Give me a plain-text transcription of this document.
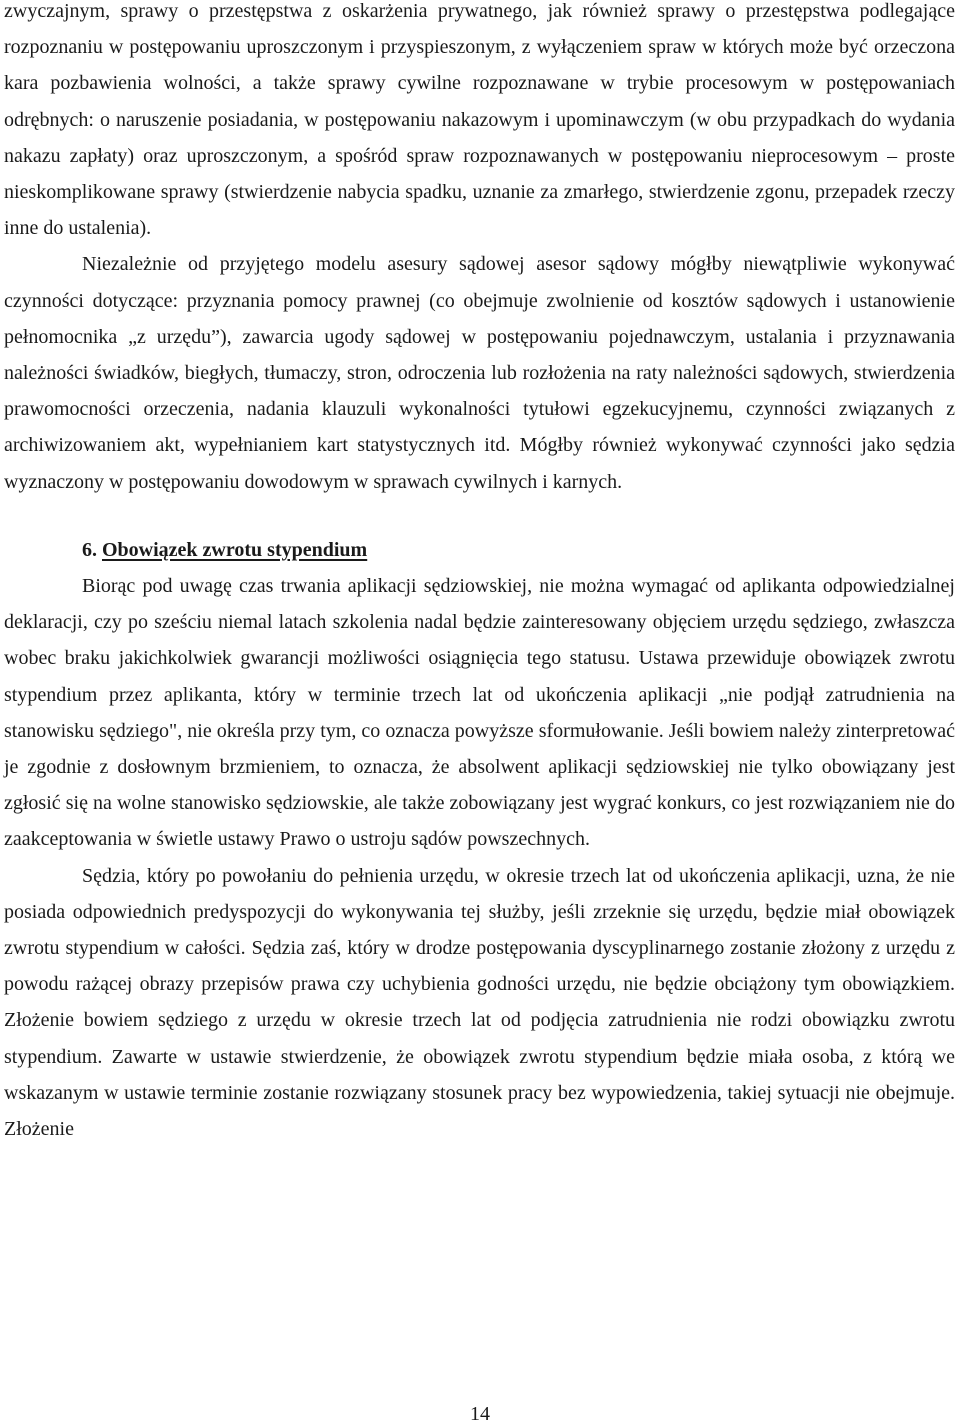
zwyczajnym, sprawy o przestępstwa z oskarżenia prywatnego, jak również sprawy o przestępstwa podlegające rozpoznaniu w postępowaniu uproszczonym i przyspieszonym, z wyłączeniem spraw w których może być orzeczona kara pozbawienia wolności, a także sprawy cywilne rozpoznawane w trybie procesowym w postępowaniach odrębnych: o naruszenie posiadania, w postępowaniu nakazowym i upominawczym (w obu przypadkach do wydania nakazu zapłaty) oraz uproszczonym, a spośród spraw rozpoznawanych w postępowaniu nieprocesowym – proste nieskomplikowane sprawy (stwierdzenie nabycia spadku, uznanie za zmarłego, stwierdzenie zgonu, przepadek rzeczy inne do ustalenia).

Niezależnie od przyjętego modelu asesury sądowej asesor sądowy mógłby niewątpliwie wykonywać czynności dotyczące: przyznania pomocy prawnej (co obejmuje zwolnienie od kosztów sądowych i ustanowienie pełnomocnika „z urzędu”), zawarcia ugody sądowej w postępowaniu pojednawczym, ustalania i przyznawania należności świadków, biegłych, tłumaczy, stron, odroczenia lub rozłożenia na raty należności sądowych, stwierdzenia prawomocności orzeczenia, nadania klauzuli wykonalności tytułowi egzekucyjnemu, czynności związanych z archiwizowaniem akt, wypełnianiem kart statystycznych itd. Mógłby również wykonywać czynności jako sędzia wyznaczony w postępowaniu dowodowym w sprawach cywilnych i karnych.

6. Obowiązek zwrotu stypendium

Biorąc pod uwagę czas trwania aplikacji sędziowskiej, nie można wymagać od aplikanta odpowiedzialnej deklaracji, czy po sześciu niemal latach szkolenia nadal będzie zainteresowany objęciem urzędu sędziego, zwłaszcza wobec braku jakichkolwiek gwarancji możliwości osiągnięcia tego statusu. Ustawa przewiduje obowiązek zwrotu stypendium przez aplikanta, który w terminie trzech lat od ukończenia aplikacji „nie podjął zatrudnienia na stanowisku sędziego", nie określa przy tym, co oznacza powyższe sformułowanie. Jeśli bowiem należy zinterpretować je zgodnie z dosłownym brzmieniem, to oznacza, że absolwent aplikacji sędziowskiej nie tylko obowiązany jest zgłosić się na wolne stanowisko sędziowskie, ale także zobowiązany jest wygrać konkurs, co jest rozwiązaniem nie do zaakceptowania w świetle ustawy Prawo o ustroju sądów powszechnych.

Sędzia, który po powołaniu do pełnienia urzędu, w okresie trzech lat od ukończenia aplikacji, uzna, że nie posiada odpowiednich predyspozycji do wykonywania tej służby, jeśli zrzeknie się urzędu, będzie miał obowiązek zwrotu stypendium w całości. Sędzia zaś, który w drodze postępowania dyscyplinarnego zostanie złożony z urzędu z powodu rażącej obrazy przepisów prawa czy uchybienia godności urzędu, nie będzie obciążony tym obowiązkiem. Złożenie bowiem sędziego z urzędu w okresie trzech lat od podjęcia zatrudnienia nie rodzi obowiązku zwrotu stypendium. Zawarte w ustawie stwierdzenie, że obowiązek zwrotu stypendium będzie miała osoba, z którą we wskazanym w ustawie terminie zostanie rozwiązany stosunek pracy bez wypowiedzenia, takiej sytuacji nie obejmuje. Złożenie

14
